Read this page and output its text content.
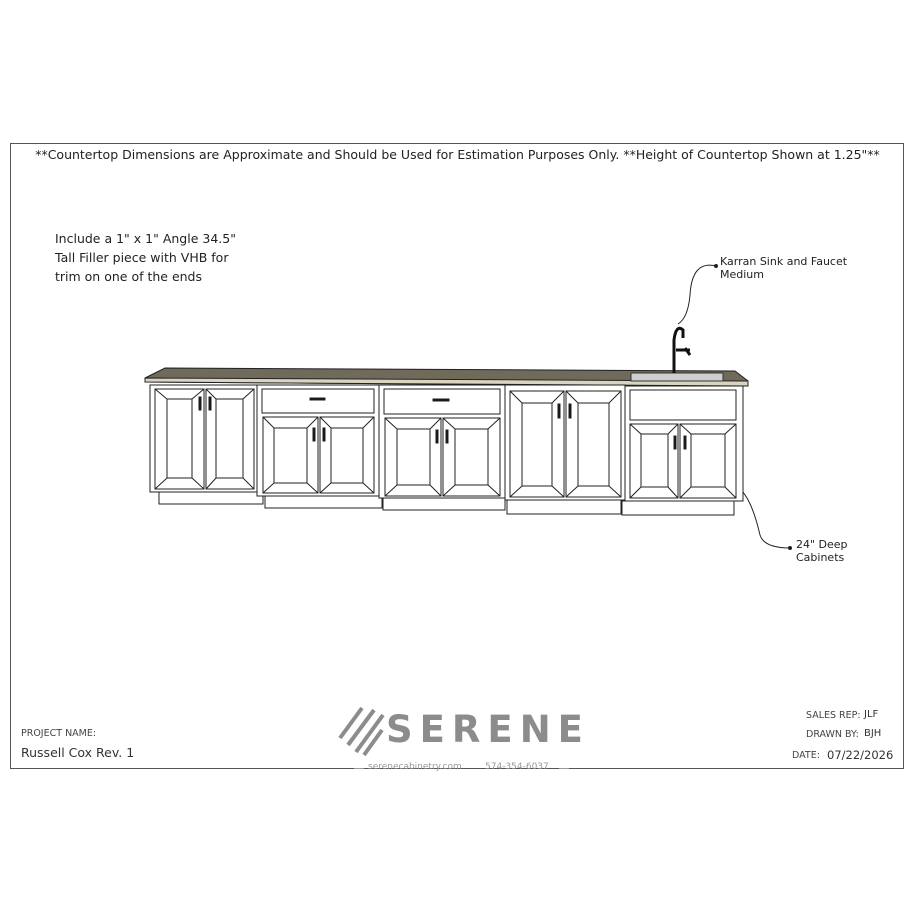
**Countertop Dimensions are Approximate and Should be Used for Estimation Purposes Only. **Height of Countertop Shown at 1.25"**
Include a 1" x 1" Angle 34.5"
Tall Filler piece with VHB for
trim on one of the ends
Karran Sink and Faucet
Medium
24" Deep
Cabinets
SERENE
serenecabinetry.com	574-354-6037
PROJECT NAME:
Russell Cox Rev. 1
SALES REP: JLF
DRAWN BY: BJH
DATE: 07/22/2026
